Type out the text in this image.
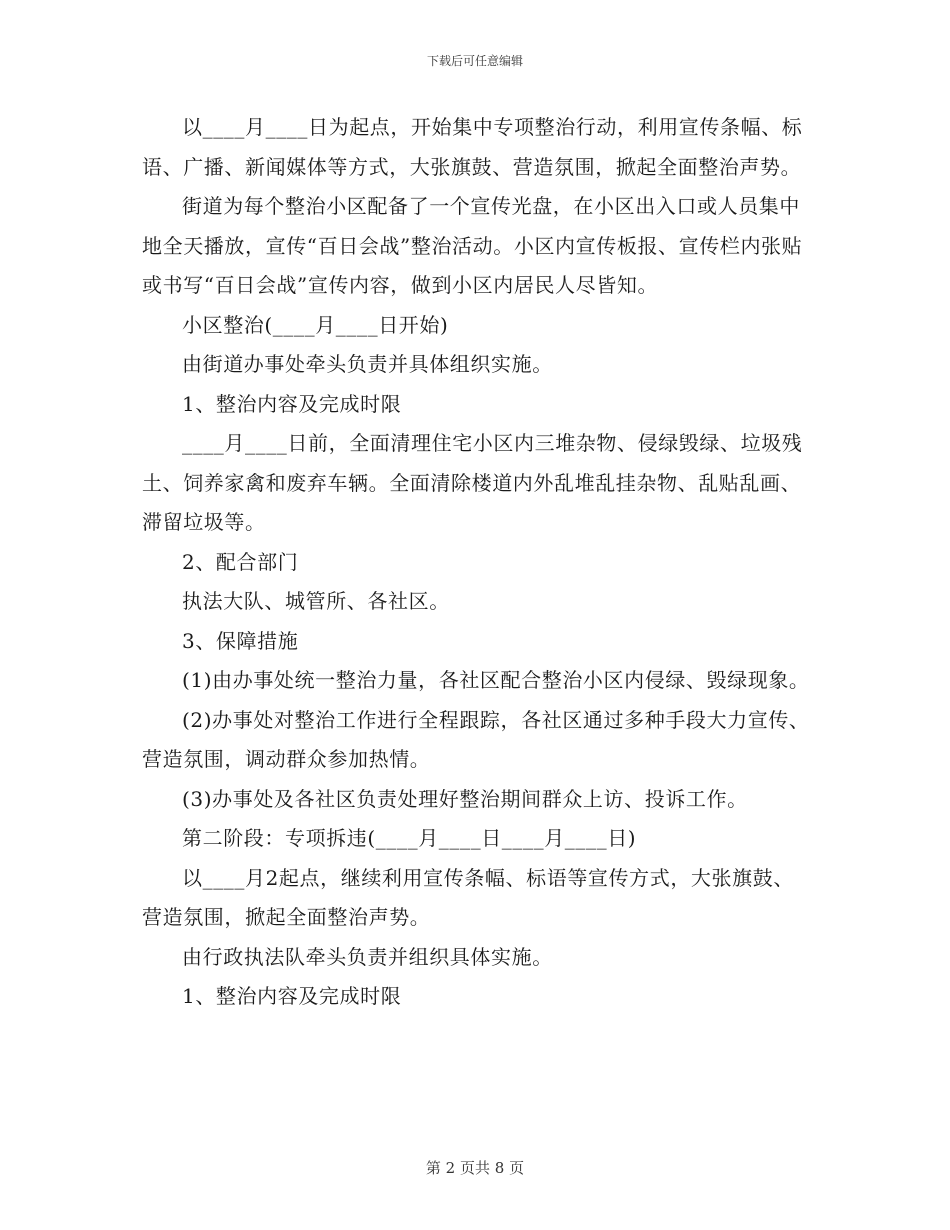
下载后可任意编辑

以____月____日为起点，开始集中专项整治行动，利用宣传条幅、标语、广播、新闻媒体等方式，大张旗鼓、营造氛围，掀起全面整治声势。

街道为每个整治小区配备了一个宣传光盘，在小区出入口或人员集中地全天播放，宣传“百日会战”整治活动。小区内宣传板报、宣传栏内张贴或书写“百日会战”宣传内容，做到小区内居民人尽皆知。

小区整治(____月____日开始)

由街道办事处牵头负责并具体组织实施。

1、整治内容及完成时限

____月____日前，全面清理住宅小区内三堆杂物、侵绿毁绿、垃圾残土、饲养家禽和废弃车辆。全面清除楼道内外乱堆乱挂杂物、乱贴乱画、滞留垃圾等。

2、配合部门

执法大队、城管所、各社区。

3、保障措施

(1)由办事处统一整治力量，各社区配合整治小区内侵绿、毁绿现象。

(2)办事处对整治工作进行全程跟踪，各社区通过多种手段大力宣传、营造氛围，调动群众参加热情。

(3)办事处及各社区负责处理好整治期间群众上访、投诉工作。

第二阶段：专项拆违(____月____日____月____日)

以____月2起点，继续利用宣传条幅、标语等宣传方式，大张旗鼓、营造氛围，掀起全面整治声势。

由行政执法队牵头负责并组织具体实施。

1、整治内容及完成时限

第 2 页共 8 页
